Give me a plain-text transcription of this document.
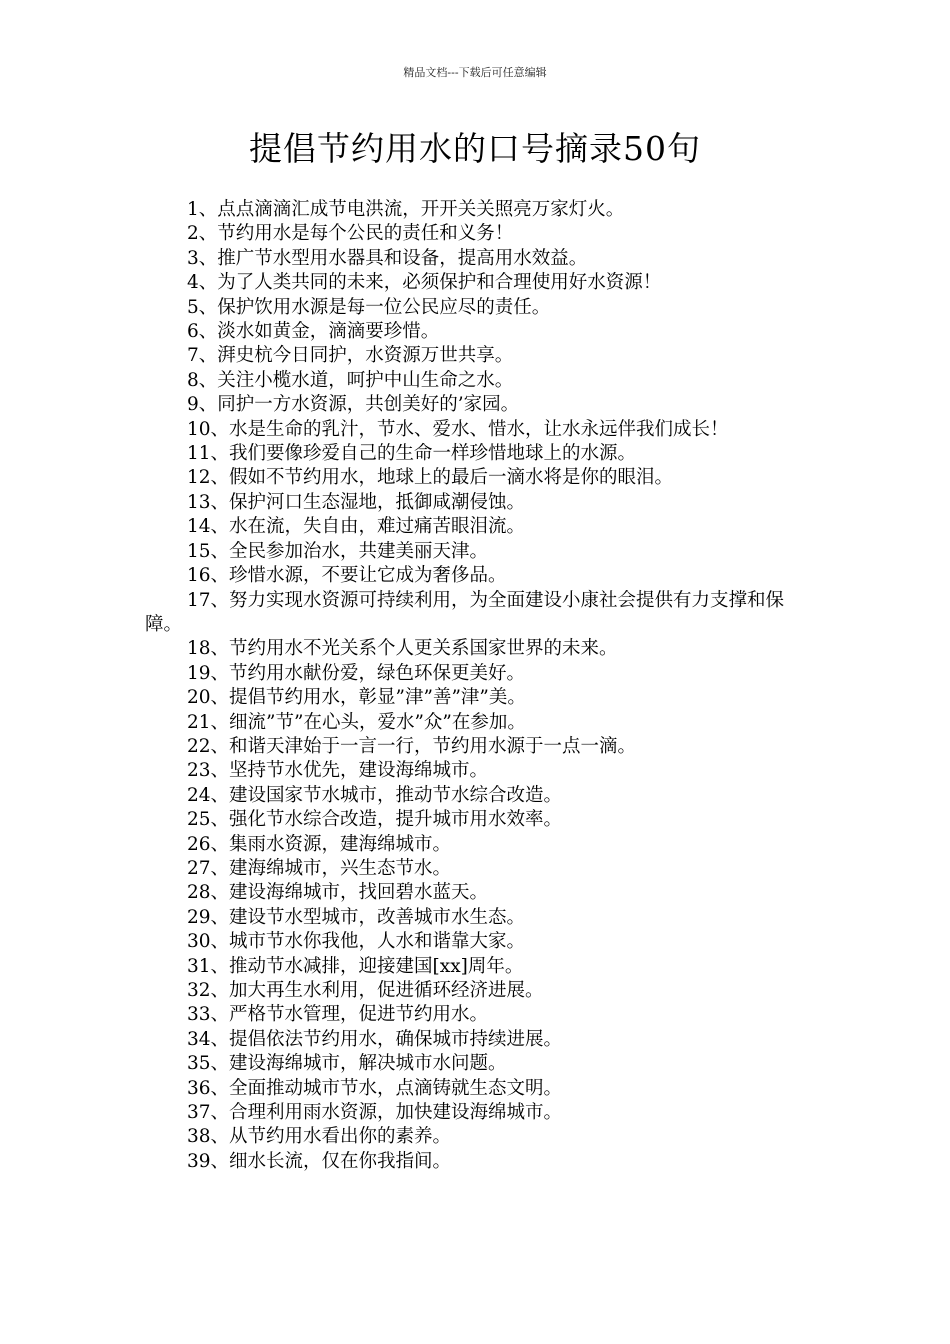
精品文档---下载后可任意编辑
提倡节约用水的口号摘录50句

1、点点滴滴汇成节电洪流，开开关关照亮万家灯火。

2、节约用水是每个公民的责任和义务！

3、推广节水型用水器具和设备，提高用水效益。

4、为了人类共同的未来，必须保护和合理使用好水资源！

5、保护饮用水源是每一位公民应尽的责任。

6、淡水如黄金，滴滴要珍惜。

7、湃史杭今日同护，水资源万世共享。

8、关注小榄水道，呵护中山生命之水。

9、同护一方水资源，共创美好的’家园。

10、水是生命的乳汁，节水、爱水、惜水，让水永远伴我们成长！

11、我们要像珍爱自己的生命一样珍惜地球上的水源。

12、假如不节约用水，地球上的最后一滴水将是你的眼泪。

13、保护河口生态湿地，抵御咸潮侵蚀。

14、水在流，失自由，难过痛苦眼泪流。

15、全民参加治水，共建美丽天津。

16、珍惜水源，不要让它成为奢侈品。

17、努力实现水资源可持续利用，为全面建设小康社会提供有力支撑和保障。

18、节约用水不光关系个人更关系国家世界的未来。

19、节约用水献份爱，绿色环保更美好。

20、提倡节约用水，彰显”津”善”津”美。

21、细流”节”在心头，爱水”众”在参加。

22、和谐天津始于一言一行，节约用水源于一点一滴。

23、坚持节水优先，建设海绵城市。

24、建设国家节水城市，推动节水综合改造。

25、强化节水综合改造，提升城市用水效率。

26、集雨水资源，建海绵城市。

27、建海绵城市，兴生态节水。

28、建设海绵城市，找回碧水蓝天。

29、建设节水型城市，改善城市水生态。

30、城市节水你我他，人水和谐靠大家。

31、推动节水减排，迎接建国[xx]周年。

32、加大再生水利用，促进循环经济进展。

33、严格节水管理，促进节约用水。

34、提倡依法节约用水，确保城市持续进展。

35、建设海绵城市，解决城市水问题。

36、全面推动城市节水，点滴铸就生态文明。

37、合理利用雨水资源，加快建设海绵城市。

38、从节约用水看出你的素养。

39、细水长流，仅在你我指间。
